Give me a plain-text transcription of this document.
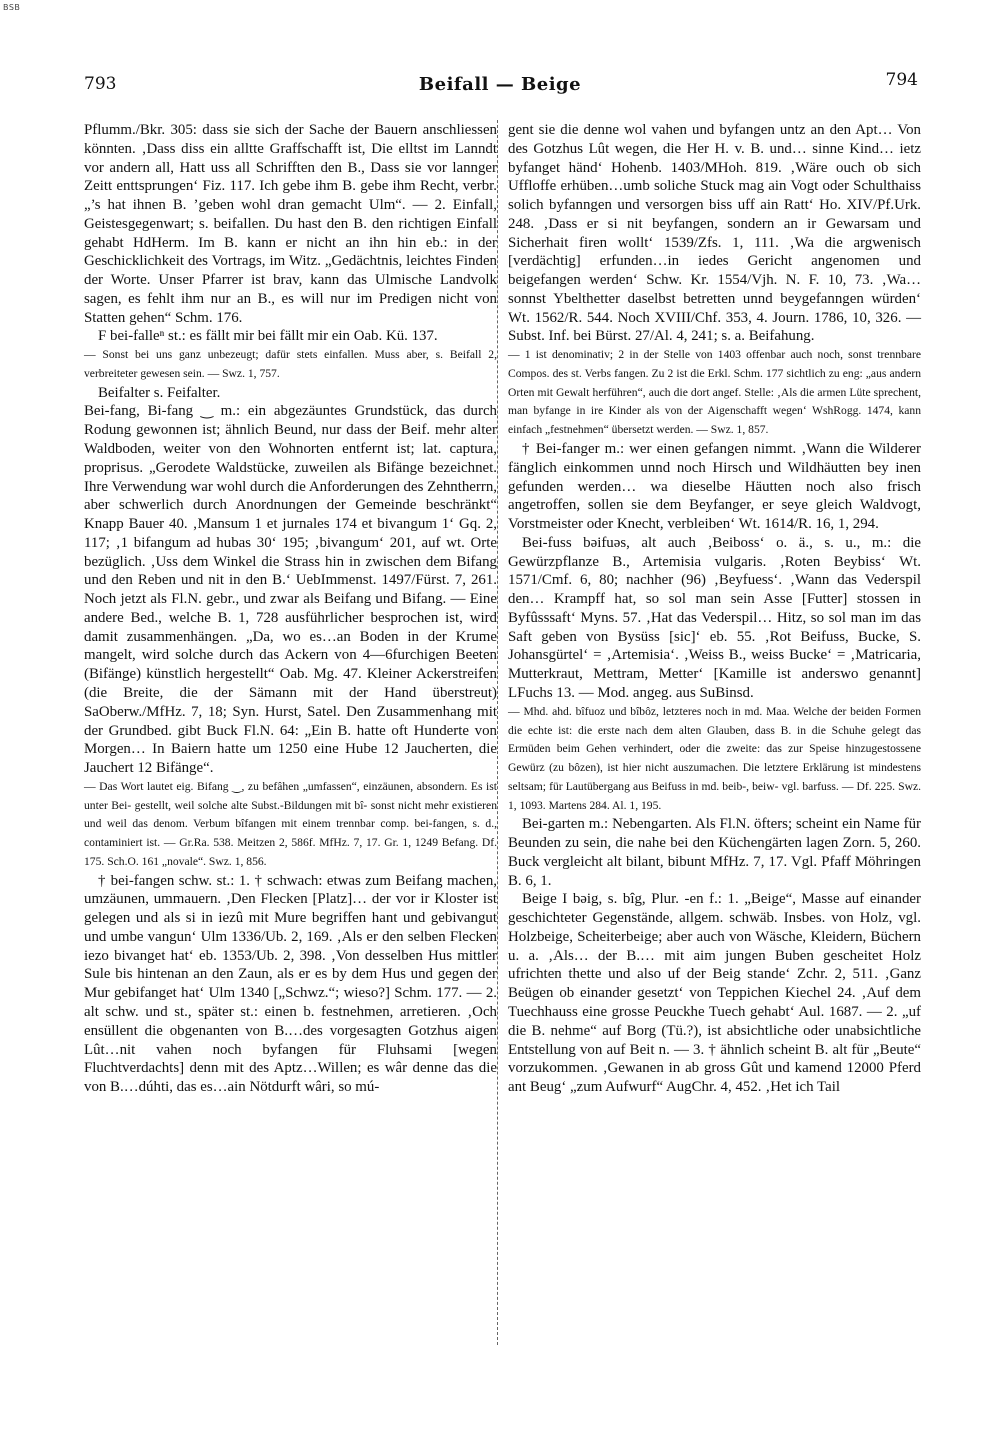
BSB
793	Beifall — Beige	794

Pflumm./Bkr. 305: dass sie sich der Sache der Bauern anschliessen könnten. ‚Dass diss ein alltte Graffschafft ist, Die elltst im Lanndt vor andern all, Hatt uss all Schrifften den B., Dass sie vor lannger Zeitt enttsprungen‘ Fiz. 117. Ich gebe ihm B. gebe ihm Recht, verbr. „’s hat ihnen B. ’geben wohl dran gemacht Ulm“. — 2. Einfall, Geistesgegenwart; s. beifallen. Du hast den B. den richtigen Einfall gehabt HdHerm. Im B. kann er nicht an ihn hin eb.: in der Geschicklichkeit des Vortrags, im Witz. „Gedächtnis, leichtes Finden der Worte. Unser Pfarrer ist brav, kann das Ulmische Landvolk sagen, es fehlt ihm nur an B., es will nur im Predigen nicht von Statten gehen“ Schm. 176.

F bei-falleⁿ st.: es fällt mir bei fällt mir ein Oab. Kü. 137.

— Sonst bei uns ganz unbezeugt; dafür stets einfallen. Muss aber, s. Beifall 2, verbreiteter gewesen sein. — Swz. 1, 757.

Beifalter s. Feifalter.

Bei-fang, Bi-fang ‿ m.: ein abgezäuntes Grundstück, das durch Rodung gewonnen ist; ähnlich Beund, nur dass der Beif. mehr alter Waldboden, weiter von den Wohnorten entfernt ist; lat. captura, proprisus. „Gerodete Waldstücke, zuweilen als Bifänge bezeichnet. Ihre Verwendung war wohl durch die Anforderungen des Zehntherrn, aber schwerlich durch Anordnungen der Gemeinde beschränkt“ Knapp Bauer 40. ‚Mansum 1 et jurnales 174 et bivangum 1‘ Gq. 2, 117; ‚1 bifangum ad hubas 30‘ 195; ‚bivangum‘ 201, auf wt. Orte bezüglich. ‚Uss dem Winkel die Strass hin in zwischen dem Bifang und den Reben und nit in den B.‘ UebImmenst. 1497/Fürst. 7, 261. Noch jetzt als Fl.N. gebr., und zwar als Beifang und Bifang. — Eine andere Bed., welche B. 1, 728 ausführlicher besprochen ist, wird damit zusammenhängen. „Da, wo es…an Boden in der Krume mangelt, wird solche durch das Ackern von 4—6furchigen Beeten (Bifänge) künstlich hergestellt“ Oab. Mg. 47. Kleiner Ackerstreifen (die Breite, die der Sämann mit der Hand überstreut) SaOberw./MfHz. 7, 18; Syn. Hurst, Satel. Den Zusammenhang mit der Grundbed. gibt Buck Fl.N. 64: „Ein B. hatte oft Hunderte von Morgen… In Baiern hatte um 1250 eine Hube 12 Jaucherten, die Jauchert 12 Bifänge“.

— Das Wort lautet eig. Bifang ‿, zu befâhen „umfassen“, einzäunen, absondern. Es ist unter Bei- gestellt, weil solche alte Subst.-Bildungen mit bî- sonst nicht mehr existieren und weil das denom. Verbum bîfangen mit einem trennbar comp. bei-fangen, s. d., contaminiert ist. — Gr.Ra. 538. Meitzen 2, 586f. MfHz. 7, 17. Gr. 1, 1249 Befang. Df. 175. Sch.O. 161 „novale“. Swz. 1, 856.

† bei-fangen schw. st.: 1. † schwach: etwas zum Beifang machen, umzäunen, ummauern. ‚Den Flecken [Platz]… der vor ir Kloster ist gelegen und als si in iezû mit Mure begriffen hant und gebivangut und umbe vangun‘ Ulm 1336/Ub. 2, 169. ‚Als er den selben Flecken iezo bivanget hat‘ eb. 1353/Ub. 2, 398. ‚Von desselben Hus mittler Sule bis hintenan an den Zaun, als er es by dem Hus und gegen der Mur gebifanget hat‘ Ulm 1340 [„Schwz.“; wieso?] Schm. 177. — 2. alt schw. und st., später st.: einen b. festnehmen, arretieren. ‚Och ensüllent die obgenanten von B.…des vorgesagten Gotzhus aigen Lût…nit vahen noch byfangen für Fluhsami [wegen Fluchtverdachts] denn mit des Aptz…Willen; es wâr denne das die von B.…dúhti, das es…ain Nötdurft wâri, so mú-

gent sie die denne wol vahen und byfangen untz an den Apt… Von des Gotzhus Lût wegen, die Her H. v. B. und… sinne Kind… ietz byfanget händ‘ Hohenb. 1403/MHoh. 819. ‚Wäre ouch ob sich Uffloffe erhüben…umb soliche Stuck mag ain Vogt oder Schulthaiss solich byfanngen und versorgen biss uff ain Ratt‘ Ho. XIV/Pf.Urk. 248. ‚Dass er si nit beyfangen, sondern an ir Gewarsam und Sicherhait firen wollt‘ 1539/Zfs. 1, 111. ‚Wa die argwenisch [verdächtig] erfunden…in iedes Gericht angenomen und beigefangen werden‘ Schw. Kr. 1554/Vjh. N. F. 10, 73. ‚Wa… sonnst Ybelthetter daselbst betretten unnd beygefanngen würden‘ Wt. 1562/R. 544. Noch XVIII/Chf. 353, 4. Journ. 1786, 10, 326. — Subst. Inf. bei Bürst. 27/Al. 4, 241; s. a. Beifahung.

— 1 ist denominativ; 2 in der Stelle von 1403 offenbar auch noch, sonst trennbare Compos. des st. Verbs fangen. Zu 2 ist die Erkl. Schm. 177 sichtlich zu eng: „aus andern Orten mit Gewalt herführen“, auch die dort angef. Stelle: ‚Als die armen Lüte sprechent, man byfange in ire Kinder als von der Aigenschafft wegen‘ WshRogg. 1474, kann einfach „festnehmen“ übersetzt werden. — Swz. 1, 857.

† Bei-fanger m.: wer einen gefangen nimmt. ‚Wann die Wilderer fänglich einkommen unnd noch Hirsch und Wildhäutten bey inen gefunden werden… wa dieselbe Häutten noch also frisch angetroffen, sollen sie dem Beyfanger, er seye gleich Waldvogt, Vorstmeister oder Knecht, verbleiben‘ Wt. 1614/R. 16, 1, 294.

Bei-fuss bəifuəs, alt auch ‚Beiboss‘ o. ä., s. u., m.: die Gewürzpflanze B., Artemisia vulgaris. ‚Roten Beybiss‘ Wt. 1571/Cmf. 6, 80; nachher (96) ‚Beyfuess‘. ‚Wann das Vederspil den… Krampff hat, so sol man sein Asse [Futter] stossen in Byfûsssaft‘ Myns. 57. ‚Hat das Vederspil… Hitz, so sol man im das Saft geben von Bysüss [sic]‘ eb. 55. ‚Rot Beifuss, Bucke, S. Johansgürtel‘ = ‚Artemisia‘. ‚Weiss B., weiss Bucke‘ = ‚Matricaria, Mutterkraut, Mettram, Metter‘ [Kamille ist anderswo genannt] LFuchs 13. — Mod. angeg. aus SuBinsd.

— Mhd. ahd. bîfuoz und bîbôz, letzteres noch in md. Maa. Welche der beiden Formen die echte ist: die erste nach dem alten Glauben, dass B. in die Schuhe gelegt das Ermüden beim Gehen verhindert, oder die zweite: das zur Speise hinzugestossene Gewürz (zu bôzen), ist hier nicht auszumachen. Die letztere Erklärung ist mindestens seltsam; für Lautübergang aus Beifuss in md. beib-, beiw- vgl. barfuss. — Df. 225. Swz. 1, 1093. Martens 284. Al. 1, 195.

Bei-garten m.: Nebengarten. Als Fl.N. öfters; scheint ein Name für Beunden zu sein, die nahe bei den Küchengärten lagen Zorn. 5, 260. Buck vergleicht alt bilant, bibunt MfHz. 7, 17. Vgl. Pfaff Möhringen B. 6, 1.

Beige I bəig, s. bîg, Plur. -en f.: 1. „Beige“, Masse auf einander geschichteter Gegenstände, allgem. schwäb. Insbes. von Holz, vgl. Holzbeige, Scheiterbeige; aber auch von Wäsche, Kleidern, Büchern u. a. ‚Als… der B.… mit aim jungen Buben gescheitet Holz ufrichten thette und also uf der Beig stande‘ Zchr. 2, 511. ‚Ganz Beügen ob einander gesetzt‘ von Teppichen Kiechel 24. ‚Auf dem Tuechhauss eine grosse Peuckhe Tuech gehabt‘ Aul. 1687. — 2. „uf die B. nehme“ auf Borg (Tü.?), ist absichtliche oder unabsichtliche Entstellung von auf Beit n. — 3. † ähnlich scheint B. alt für „Beute“ vorzukommen. ‚Gewanen in ab gross Gût und kamend 12000 Pferd ant Beug‘ „zum Aufwurf“ AugChr. 4, 452. ‚Het ich Tail
